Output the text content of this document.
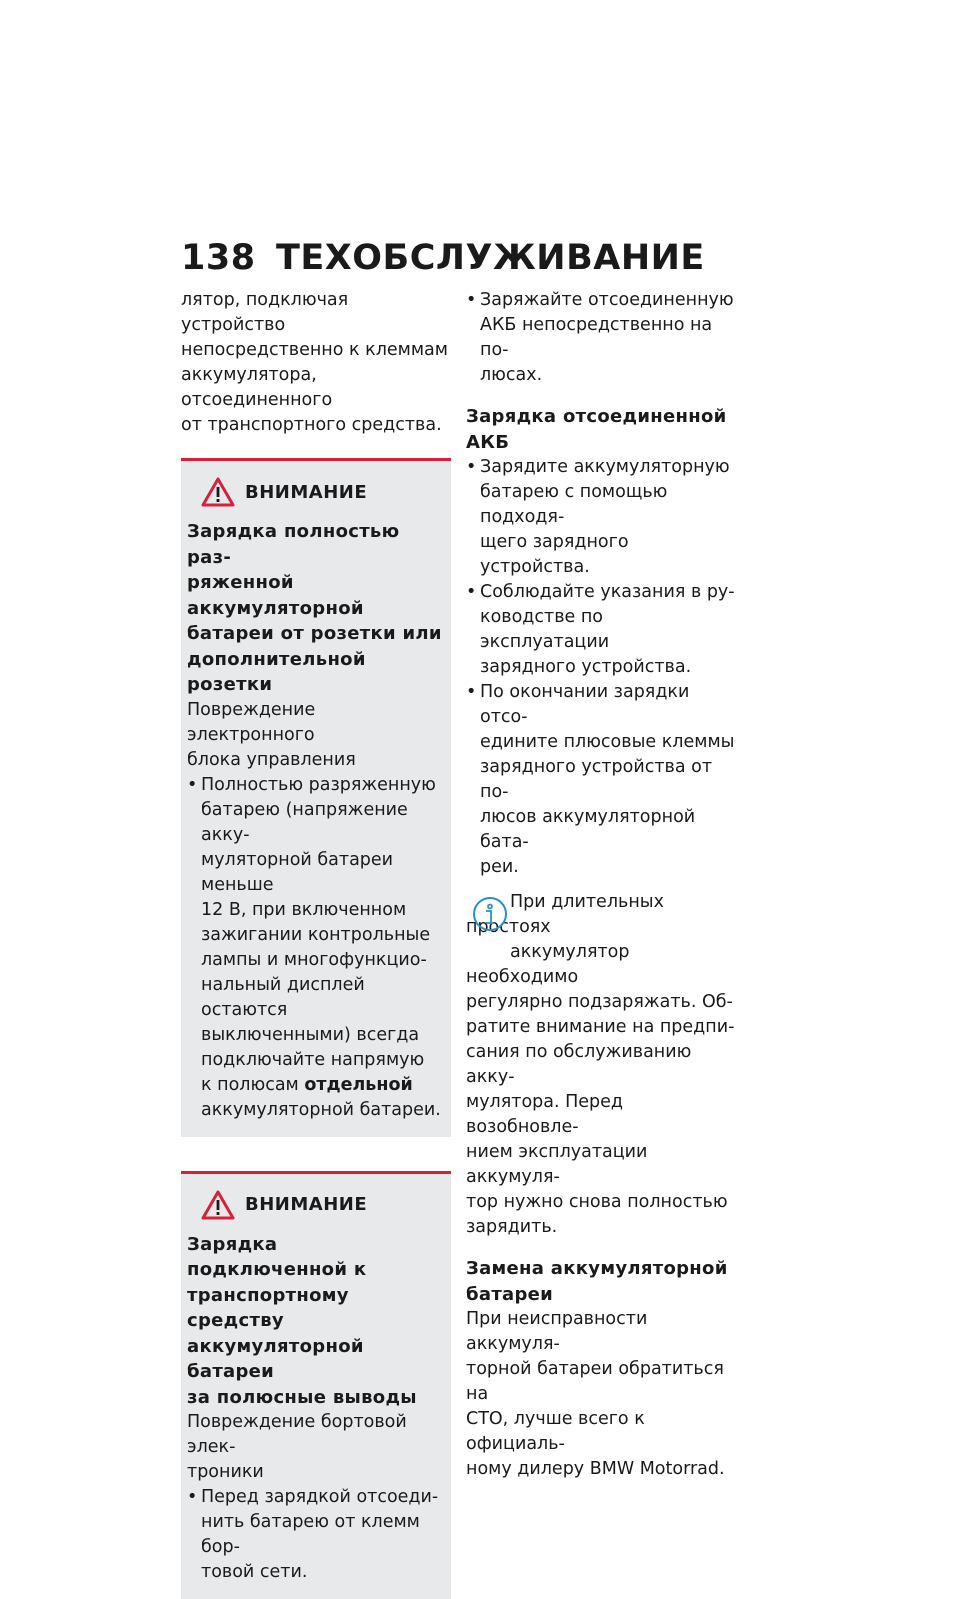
138 ТЕХОБСЛУЖИВАНИЕ

лятор, подключая устройство
непосредственно к клеммам
аккумулятора, отсоединенного
от транспортного средства.

ВНИМАНИЕ

Зарядка полностью раз-
ряженной аккумуляторной
батареи от розетки или
дополнительной розетки

Повреждение электронного
блока управления

• Полностью разряженную
батарею (напряжение акку-
муляторной батареи меньше
12 В, при включенном
зажигании контрольные
лампы и многофункцио-
нальный дисплей остаются
выключенными) всегда
подключайте напрямую
к полюсам отдельной
аккумуляторной батареи.
ВНИМАНИЕ

Зарядка подключенной к
транспортному средству
аккумуляторной батареи
за полюсные выводы

Повреждение бортовой элек-
троники

• Перед зарядкой отсоеди-
нить батарею от клемм бор-
товой сети.
• Заряжайте отсоединенную
АКБ непосредственно на по-
люсах.

Зарядка отсоединенной
АКБ

• Зарядите аккумуляторную
батарею с помощью подходя-
щего зарядного устройства.
• Соблюдайте указания в ру-
ководстве по эксплуатации
зарядного устройства.
• По окончании зарядки отсо-
едините плюсовые клеммы
зарядного устройства от по-
люсов аккумуляторной бата-
реи.

При длительных простоях
аккумулятор необходимо
регулярно подзаряжать. Об-
ратите внимание на предпи-
сания по обслуживанию акку-
мулятора. Перед возобновле-
нием эксплуатации аккумуля-
тор нужно снова полностью
зарядить.

Замена аккумуляторной
батареи

При неисправности аккумуля-
торной батареи обратиться на
СТО, лучше всего к официаль-
ному дилеру BMW Motorrad.
